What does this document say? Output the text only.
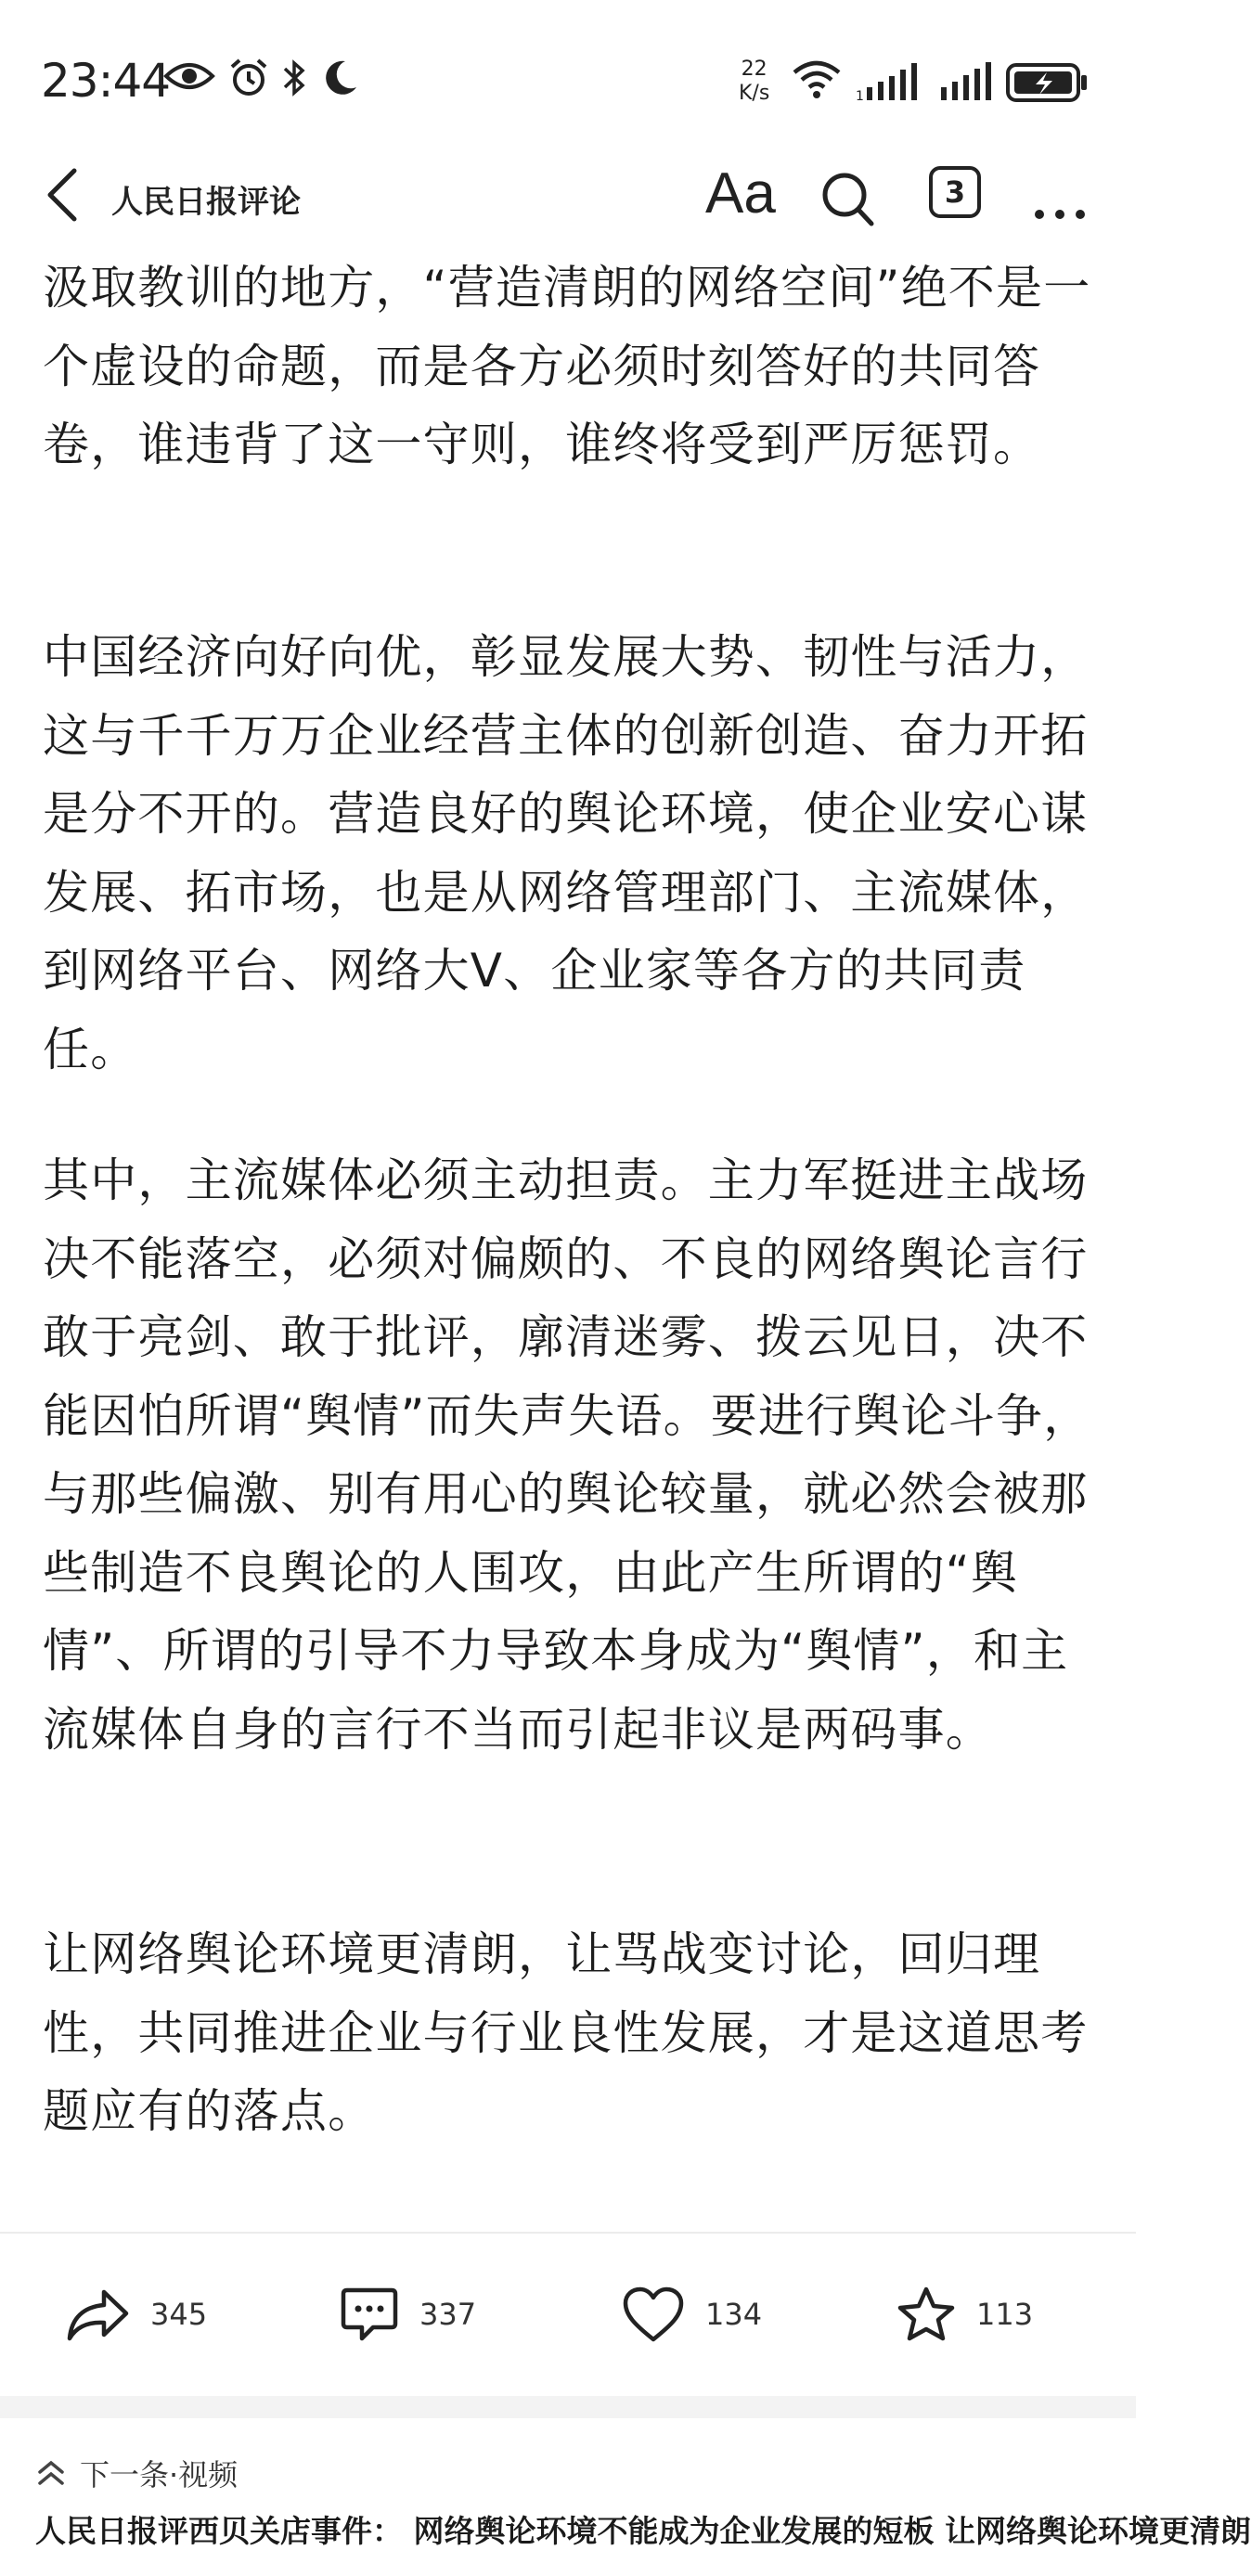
23:44	22
K/s	1
人民日报评论	Aa	3

汲取教训的地方，“营造清朗的网络空间”绝不是一个虚设的命题，而是各方必须时刻答好的共同答卷，谁违背了这一守则，谁终将受到严厉惩罚。

中国经济向好向优，彰显发展大势、韧性与活力，这与千千万万企业经营主体的创新创造、奋力开拓是分不开的。营造良好的舆论环境，使企业安心谋发展、拓市场，也是从网络管理部门、主流媒体，到网络平台、网络大V、企业家等各方的共同责任。

其中，主流媒体必须主动担责。主力军挺进主战场决不能落空，必须对偏颇的、不良的网络舆论言行敢于亮剑、敢于批评，廓清迷雾、拨云见日，决不能因怕所谓“舆情”而失声失语。要进行舆论斗争，与那些偏激、别有用心的舆论较量，就必然会被那些制造不良舆论的人围攻，由此产生所谓的“舆情”、所谓的引导不力导致本身成为“舆情”，和主流媒体自身的言行不当而引起非议是两码事。

让网络舆论环境更清朗，让骂战变讨论，回归理性，共同推进企业与行业良性发展，才是这道思考题应有的落点。

345	337	134	113
下一条·视频
人民日报评西贝关店事件： 网络舆论环境不能成为企业发展的短板 让网络舆论环境更清朗
